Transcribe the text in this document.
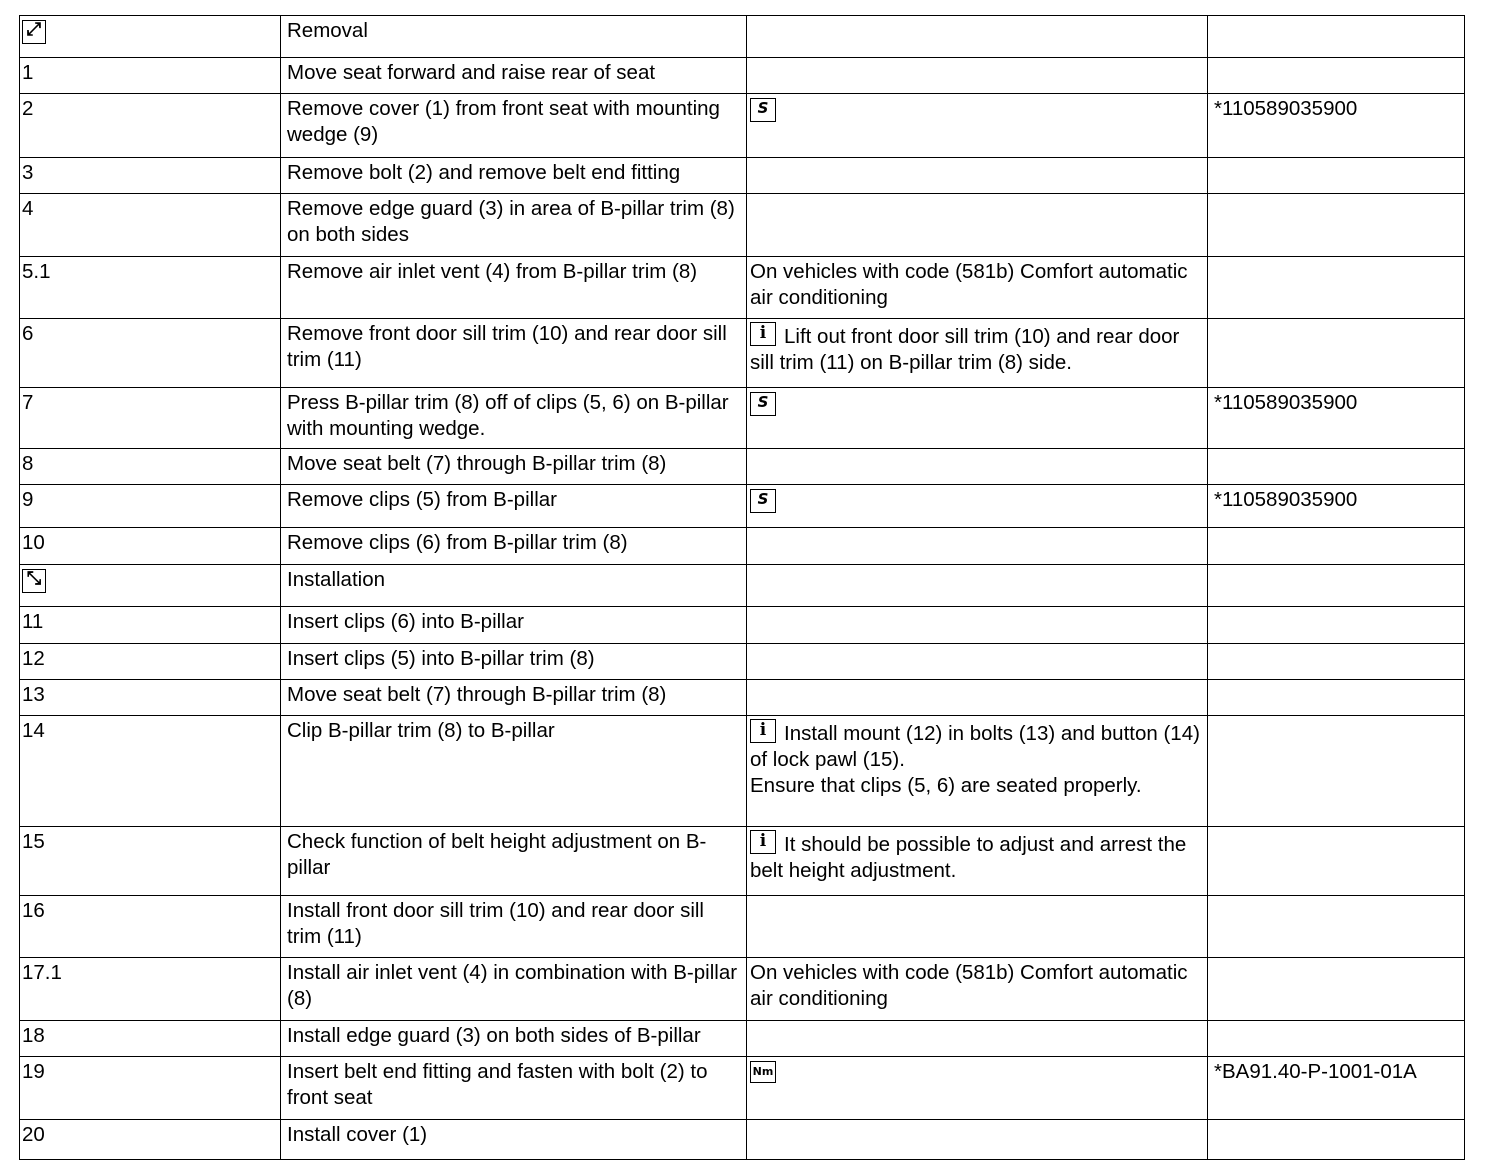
⤢	Removal		

1	Move seat forward and raise rear of seat		

2	Remove cover (1) from front seat with mounting wedge (9)	S	*110589035900

3	Remove bolt (2) and remove belt end fitting		

4	Remove edge guard (3) in area of B-pillar trim (8) on both sides		

5.1	Remove air inlet vent (4) from B-pillar trim (8)	On vehicles with code (581b) Comfort automatic air conditioning	

6	Remove front door sill trim (10) and rear door sill trim (11)	i Lift out front door sill trim (10) and rear door sill trim (11) on B-pillar trim (8) side.	

7	Press B-pillar trim (8) off of clips (5, 6) on B-pillar with mounting wedge.	S	*110589035900

8	Move seat belt (7) through B-pillar trim (8)		

9	Remove clips (5) from B-pillar	S	*110589035900

10	Remove clips (6) from B-pillar trim (8)		

⤡	Installation		

11	Insert clips (6) into B-pillar		

12	Insert clips (5) into B-pillar trim (8)		

13	Move seat belt (7) through B-pillar trim (8)		

14	Clip B-pillar trim (8) to B-pillar	i Install mount (12) in bolts (13) and button (14) of lock pawl (15).
Ensure that clips (5, 6) are seated properly.	

15	Check function of belt height adjustment on B-pillar	i It should be possible to adjust and arrest the belt height adjustment.	

16	Install front door sill trim (10) and rear door sill trim (11)		

17.1	Install air inlet vent (4) in combination with B-pillar (8)	On vehicles with code (581b) Comfort automatic air conditioning	

18	Install edge guard (3) on both sides of B-pillar		

19	Insert belt end fitting and fasten with bolt (2) to front seat	Nm	*BA91.40-P-1001-01A

20	Install cover (1)		
